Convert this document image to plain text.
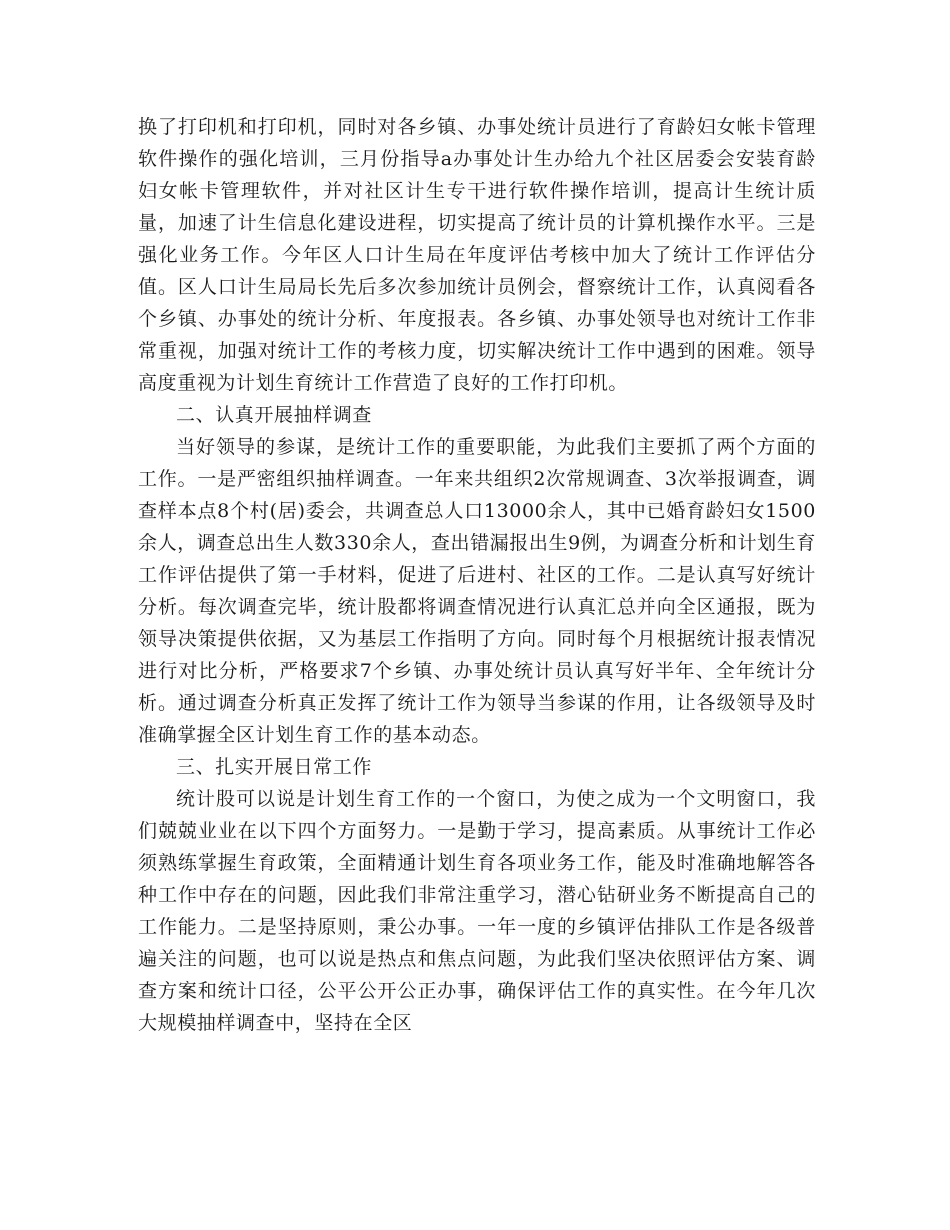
换了打印机和打印机，同时对各乡镇、办事处统计员进行了育龄妇女帐卡管理软件操作的强化培训，三月份指导a办事处计生办给九个社区居委会安装育龄妇女帐卡管理软件，并对社区计生专干进行软件操作培训，提高计生统计质量，加速了计生信息化建设进程，切实提高了统计员的计算机操作水平。三是强化业务工作。今年区人口计生局在年度评估考核中加大了统计工作评估分值。区人口计生局局长先后多次参加统计员例会，督察统计工作，认真阅看各个乡镇、办事处的统计分析、年度报表。各乡镇、办事处领导也对统计工作非常重视，加强对统计工作的考核力度，切实解决统计工作中遇到的困难。领导高度重视为计划生育统计工作营造了良好的工作打印机。

二、认真开展抽样调查

当好领导的参谋，是统计工作的重要职能，为此我们主要抓了两个方面的工作。一是严密组织抽样调查。一年来共组织2次常规调查、3次举报调查，调查样本点8个村(居)委会，共调查总人口13000余人，其中已婚育龄妇女1500余人，调查总出生人数330余人，查出错漏报出生9例，为调查分析和计划生育工作评估提供了第一手材料，促进了后进村、社区的工作。二是认真写好统计分析。每次调查完毕，统计股都将调查情况进行认真汇总并向全区通报，既为领导决策提供依据，又为基层工作指明了方向。同时每个月根据统计报表情况进行对比分析，严格要求7个乡镇、办事处统计员认真写好半年、全年统计分析。通过调查分析真正发挥了统计工作为领导当参谋的作用，让各级领导及时准确掌握全区计划生育工作的基本动态。

三、扎实开展日常工作

统计股可以说是计划生育工作的一个窗口，为使之成为一个文明窗口，我们兢兢业业在以下四个方面努力。一是勤于学习，提高素质。从事统计工作必须熟练掌握生育政策，全面精通计划生育各项业务工作，能及时准确地解答各种工作中存在的问题，因此我们非常注重学习，潜心钻研业务不断提高自己的工作能力。二是坚持原则，秉公办事。一年一度的乡镇评估排队工作是各级普遍关注的问题，也可以说是热点和焦点问题，为此我们坚决依照评估方案、调查方案和统计口径，公平公开公正办事，确保评估工作的真实性。在今年几次大规模抽样调查中，坚持在全区
